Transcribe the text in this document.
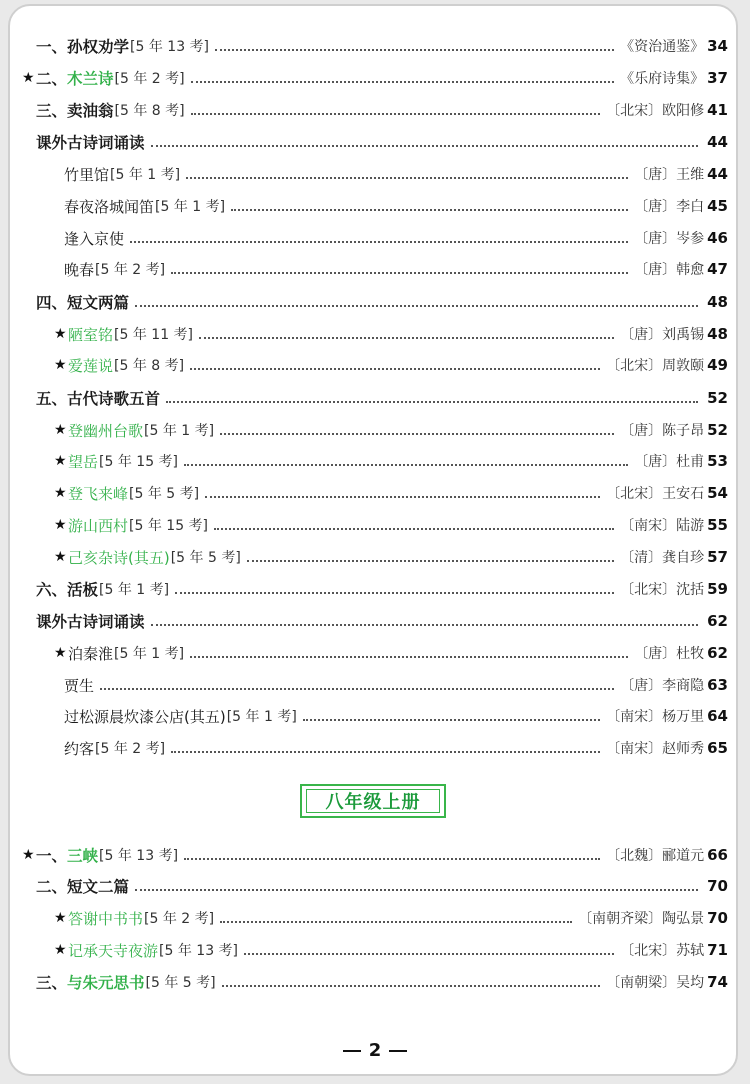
一、孙权劝学 [5 年 13 考]	《资治通鉴》 34
★ 二、 木兰诗 [5 年 2 考]	《乐府诗集》 37
三、卖油翁 [5 年 8 考]	〔北宋〕欧阳修 41
课外古诗词诵读	44
竹里馆 [5 年 1 考]	〔唐〕王维 44
春夜洛城闻笛 [5 年 1 考]	〔唐〕李白 45
逢入京使	〔唐〕岑参 46
晚春 [5 年 2 考]	〔唐〕韩愈 47
四、短文两篇	48
★ 陋室铭 [5 年 11 考]	〔唐〕刘禹锡 48
★ 爱莲说 [5 年 8 考]	〔北宋〕周敦颐 49
五、古代诗歌五首	52
★ 登幽州台歌 [5 年 1 考]	〔唐〕陈子昂 52
★ 望岳 [5 年 15 考]	〔唐〕杜甫 53
★ 登飞来峰 [5 年 5 考]	〔北宋〕王安石 54
★ 游山西村 [5 年 15 考]	〔南宋〕陆游 55
★ 己亥杂诗(其五) [5 年 5 考]	〔清〕龚自珍 57
六、活板 [5 年 1 考]	〔北宋〕沈括 59
课外古诗词诵读	62
★ 泊秦淮 [5 年 1 考]	〔唐〕杜牧 62
贾生	〔唐〕李商隐 63
过松源晨炊漆公店(其五) [5 年 1 考]	〔南宋〕杨万里 64
约客 [5 年 2 考]	〔南宋〕赵师秀 65
★ 一、 三峡 [5 年 13 考]	〔北魏〕郦道元 66
二、短文二篇	70
★ 答谢中书书 [5 年 2 考]	〔南朝齐梁〕陶弘景 70
★ 记承天寺夜游 [5 年 13 考]	〔北宋〕苏轼 71
三、 与朱元思书 [5 年 5 考]	〔南朝梁〕吴均 74
八年级上册
2
